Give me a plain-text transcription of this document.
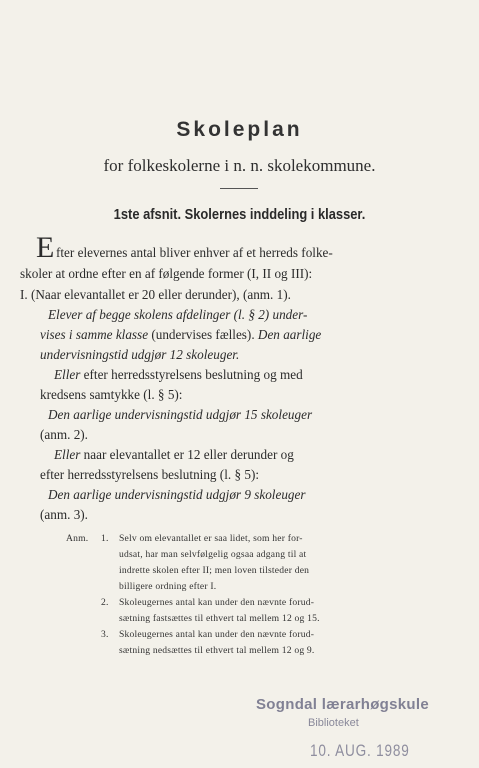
Skoleplan
for folkeskolerne i n. n. skolekommune.
1ste afsnit. Skolernes inddeling i klasser.
E fter elevernes antal bliver enhver af et herreds folke-
skoler at ordne efter en af følgende former (I, II og III):
I. (Naar elevantallet er 20 eller derunder), (anm. 1).
Elever af begge skolens afdelinger (l. § 2) under-
vises i samme klasse (undervises fælles). Den aarlige
undervisningstid udgjør 12 skoleuger.
Eller efter herredsstyrelsens beslutning og med
kredsens samtykke (l. § 5):
Den aarlige undervisningstid udgjør 15 skoleuger
(anm. 2).
Eller naar elevantallet er 12 eller derunder og
efter herredsstyrelsens beslutning (l. § 5):
Den aarlige undervisningstid udgjør 9 skoleuger
(anm. 3).
Anm. 1. Selv om elevantallet er saa lidet, som her for-
udsat, har man selvfølgelig ogsaa adgang til at
indrette skolen efter II; men loven tilsteder den
billigere ordning efter I.
2. Skoleugernes antal kan under den nævnte forud-
sætning fastsættes til ethvert tal mellem 12 og 15.
3. Skoleugernes antal kan under den nævnte forud-
sætning nedsættes til ethvert tal mellem 12 og 9.
Sogndal lærarhøgskule
Biblioteket
10. AUG. 1989
